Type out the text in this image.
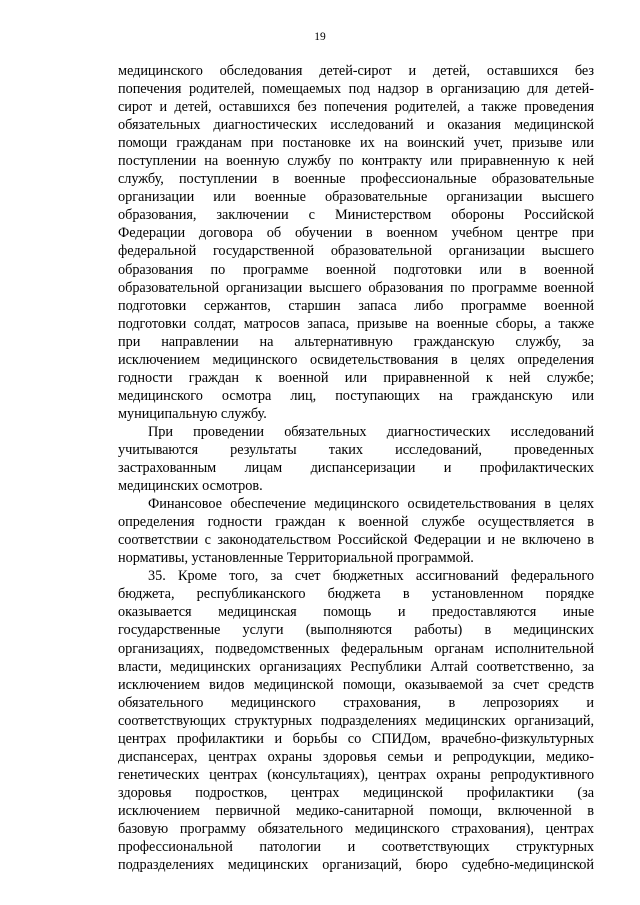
19
медицинского обследования детей-сирот и детей, оставшихся без
попечения родителей, помещаемых под надзор в организацию для детей-
сирот и детей, оставшихся без попечения родителей, а также проведения
обязательных диагностических исследований и оказания медицинской
помощи гражданам при постановке их на воинский учет, призыве или
поступлении на военную службу по контракту или приравненную к ней
службу, поступлении в военные профессиональные образовательные
организации или военные образовательные организации высшего
образования, заключении с Министерством обороны Российской
Федерации договора об обучении в военном учебном центре при
федеральной государственной образовательной организации высшего
образования по программе военной подготовки или в военной
образовательной организации высшего образования по программе военной
подготовки сержантов, старшин запаса либо программе военной
подготовки солдат, матросов запаса, призыве на военные сборы, а также
при направлении на альтернативную гражданскую службу, за
исключением медицинского освидетельствования в целях определения
годности граждан к военной или приравненной к ней службе;
медицинского осмотра лиц, поступающих на гражданскую или
муниципальную службу.
При проведении обязательных диагностических исследований
учитываются результаты таких исследований, проведенных
застрахованным лицам диспансеризации и профилактических
медицинских осмотров.
Финансовое обеспечение медицинского освидетельствования в целях
определения годности граждан к военной службе осуществляется в
соответствии с законодательством Российской Федерации и не включено в
нормативы, установленные Территориальной программой.
35. Кроме того, за счет бюджетных ассигнований федерального
бюджета, республиканского бюджета в установленном порядке
оказывается медицинская помощь и предоставляются иные
государственные услуги (выполняются работы) в медицинских
организациях, подведомственных федеральным органам исполнительной
власти, медицинских организациях Республики Алтай соответственно, за
исключением видов медицинской помощи, оказываемой за счет средств
обязательного медицинского страхования, в лепрозориях и
соответствующих структурных подразделениях медицинских организаций,
центрах профилактики и борьбы со СПИДом, врачебно-физкультурных
диспансерах, центрах охраны здоровья семьи и репродукции, медико-
генетических центрах (консультациях), центрах охраны репродуктивного
здоровья подростков, центрах медицинской профилактики (за
исключением первичной медико-санитарной помощи, включенной в
базовую программу обязательного медицинского страхования), центрах
профессиональной патологии и соответствующих структурных
подразделениях медицинских организаций, бюро судебно-медицинской
